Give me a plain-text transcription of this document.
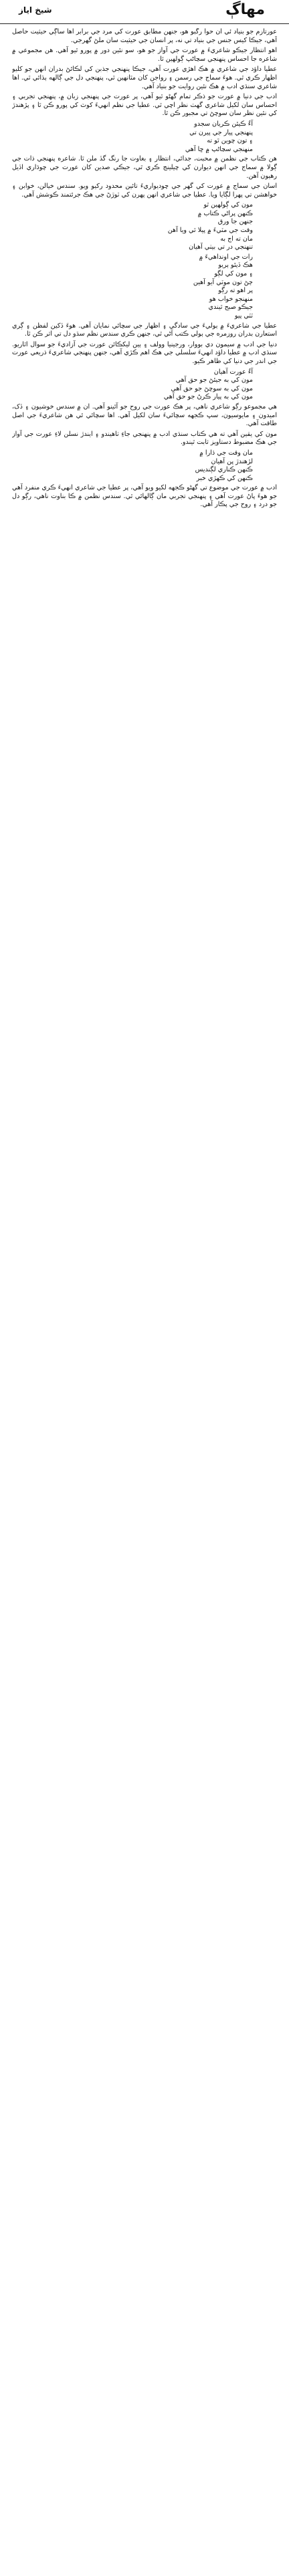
شيخ اياز	مهاڳ

عورتازم جو بنياد ئي ان حوا رگبو هو، جنهن مطابق عورت کي مرد جي برابر اها ساڳي حيثيت حاصل آهي، جيڪا کيس جنس جي بنياد تي نه، پر انسان جي حيثيت سان ملڻ گهرجي.

اهو انتظار جيڪو شاعريءَ ۾ عورت جي آواز جو هو، سو نئين دور ۾ پورو ٿيو آهي. هن مجموعي ۾ شاعره جا احساس پنهنجي سڃاڻپ ڳولهين ٿا.

عطيا داؤد جي شاعري ۾ هڪ اهڙي عورت آهي، جيڪا پنهنجي جذبن کي لڪائڻ بدران انهن جو کليو اظهار ڪري ٿي. هوءَ سماج جي رسمن ۽ رواجن کان مٿانهين ٿي، پنهنجي دل جي ڳالهه ٻڌائي ٿي. اها شاعري سنڌي ادب ۾ هڪ نئين روايت جو بنياد آهي.

ادب جي دنيا ۾ عورت جو ذڪر تمام گهڻو ٿيو آهي، پر عورت جي پنهنجي زبان ۾، پنهنجي تجربي ۽ احساس سان لکيل شاعري گهٽ نظر اچي ٿي. عطيا جي نظم انهيءَ کوٽ کي پورو ڪن ٿا ۽ پڙهندڙ کي نئين نظر سان سوچڻ تي مجبور ڪن ٿا.

آءٌ ڪيئن ڪريان سجدو
پنهنجي پيار جي پيرن تي
۽ تون چوين ٿو ته
منهنجي سڃاڻپ ۾ ڇا آهي

هن ڪتاب جي نظمن ۾ محبت، جدائي، انتظار ۽ بغاوت جا رنگ گڏ ملن ٿا. شاعره پنهنجي ذات جي ڳولا ۾ سماج جي انهن ديوارن کي چيلينج ڪري ٿي، جيڪي صدين کان عورت جي چوڌاري اڏيل رهيون آهن.

اسان جي سماج ۾ عورت کي گهر جي چوديواريءَ تائين محدود رکيو ويو. سندس خيالن، خوابن ۽ خواهشن تي پهرا لڳايا ويا. عطيا جي شاعري انهن پهرن کي ٽوڙڻ جي هڪ جرئتمند ڪوشش آهي.

مون کي ڳولهين ٿو
ڪنهن پراڻي ڪتاب ۾
جنهن جا ورق
وقت جي مٽيءَ ۾ پيلا ٿي ويا آهن
مان ته اڄ به
تنهنجي در تي بيٺي آهيان
رات جي اونداهيءَ ۾
هڪ ڏيئو ٻريو
۽ مون کي لڳو
ڄڻ تون موٽي آيو آهين
پر اهو ته رڳو
منهنجو خواب هو
جيڪو صبح ٿيندي
ٽٽي پيو

عطيا جي شاعريءَ ۾ ٻوليءَ جي سادگي ۽ اظهار جي سچائي نمايان آهي. هوءَ ڏکين لفظن ۽ ڳري استعارن بدران روزمره جي ٻولي ڪتب آڻي ٿي، جنهن ڪري سندس نظم سڌو دل تي اثر ڪن ٿا.

دنيا جي ادب ۾ سيمون دي بووار، ورجينيا وولف ۽ ٻين ليکڪائن عورت جي آزاديءَ جو سوال اٿاريو. سنڌي ادب ۾ عطيا داؤد انهيءَ سلسلي جي هڪ اهم ڪڙي آهي، جنهن پنهنجي شاعريءَ ذريعي عورت جي اندر جي دنيا کي ظاهر ڪيو.

آءٌ عورت آهيان
مون کي به جيئڻ جو حق آهي
مون کي به سوچڻ جو حق آهي
مون کي به پيار ڪرڻ جو حق آهي

هي مجموعو رڳو شاعري ناهي، پر هڪ عورت جي روح جو آئينو آهي. ان ۾ سندس خوشيون ۽ ڏک، اميدون ۽ مايوسيون، سڀ ڪجهه سچائيءَ سان لکيل آهي. اها سچائي ئي هن شاعريءَ جي اصل طاقت آهي.

مون کي يقين آهي ته هي ڪتاب سنڌي ادب ۾ پنهنجي جاءِ ٺاهيندو ۽ ايندڙ نسلن لاءِ عورت جي آواز جي هڪ مضبوط دستاويز ثابت ٿيندو.

مان وقت جي ڌارا ۾
لڙهندڙ پن آهيان
ڪنهن ڪناري لڳنديس
ڪنهن کي ڪهڙي خبر

ادب ۾ عورت جي موضوع تي گهڻو ڪجهه لکيو ويو آهي، پر عطيا جي شاعري انهيءَ ڪري منفرد آهي جو هوءَ پاڻ عورت آهي ۽ پنهنجي تجربي مان ڳالهائي ٿي. سندس نظمن ۾ ڪا بناوت ناهي، رڳو دل جو درد ۽ روح جي پڪار آهي.
